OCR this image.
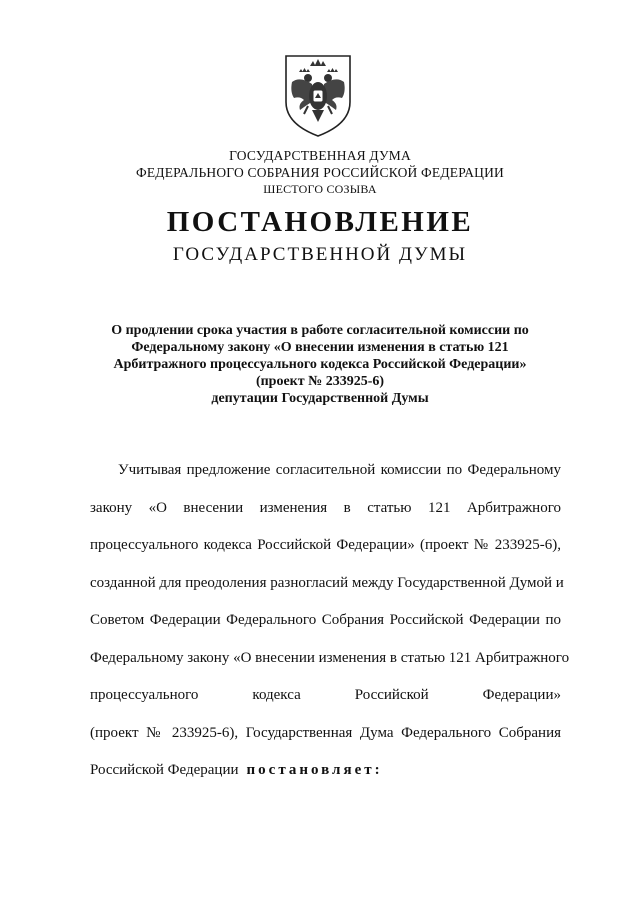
ГОСУДАРСТВЕННАЯ ДУМА
ФЕДЕРАЛЬНОГО СОБРАНИЯ РОССИЙСКОЙ ФЕДЕРАЦИИ
ШЕСТОГО СОЗЫВА
ПОСТАНОВЛЕНИЕ
ГОСУДАРСТВЕННОЙ ДУМЫ
О продлении срока участия в работе согласительной комиссии по
Федеральному закону «О внесении изменения в статью 121
Арбитражного процессуального кодекса Российской Федерации»
(проект № 233925-6)
депутации Государственной Думы
Учитывая предложение согласительной комиссии по Федеральному
закону «О внесении изменения в статью 121 Арбитражного
процессуального кодекса Российской Федерации» (проект № 233925-6),
созданной для преодоления разногласий между Государственной Думой и
Советом Федерации Федерального Собрания Российской Федерации по
Федеральному закону «О внесении изменения в статью 121 Арбитражного
процессуального кодекса Российской Федерации»
(проект № 233925-6), Государственная Дума Федерального Собрания
Российской Федерации постановляет:
